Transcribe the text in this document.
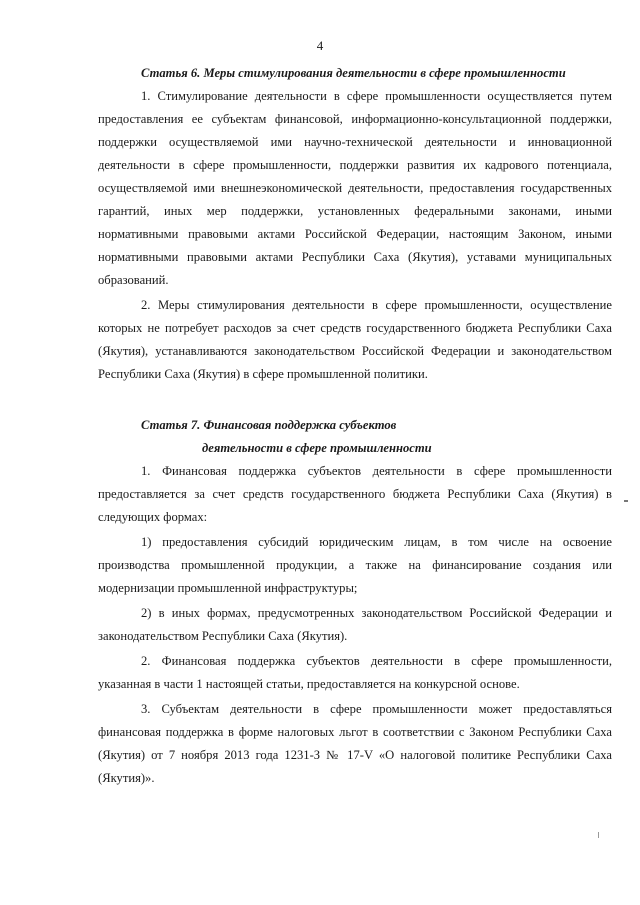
4
Статья 6. Меры стимулирования деятельности в сфере промышленности

1. Стимулирование деятельности в сфере промышленности осуществляется путем предоставления ее субъектам финансовой, информационно-консультационной поддержки, поддержки осуществляемой ими научно-технической деятельности и инновационной деятельности в сфере промышленности, поддержки развития их кадрового потенциала, осуществляемой ими внешнеэкономической деятельности, предоставления государственных гарантий, иных мер поддержки, установленных федеральными законами, иными нормативными правовыми актами Российской Федерации, настоящим Законом, иными нормативными правовыми актами Республики Саха (Якутия), уставами муниципальных образований.

2. Меры стимулирования деятельности в сфере промышленности, осуществление которых не потребует расходов за счет средств государственного бюджета Республики Саха (Якутия), устанавливаются законодательством Российской Федерации и законодательством Республики Саха (Якутия) в сфере промышленной политики.

Статья 7. Финансовая поддержка субъектов
деятельности в сфере промышленности

1. Финансовая поддержка субъектов деятельности в сфере промышленности предоставляется за счет средств государственного бюджета Республики Саха (Якутия) в следующих формах:

1) предоставления субсидий юридическим лицам, в том числе на освоение производства промышленной продукции, а также на финансирование создания или модернизации промышленной инфраструктуры;

2) в иных формах, предусмотренных законодательством Российской Федерации и законодательством Республики Саха (Якутия).

2. Финансовая поддержка субъектов деятельности в сфере промышленности, указанная в части 1 настоящей статьи, предоставляется на конкурсной основе.

3. Субъектам деятельности в сфере промышленности может предоставляться финансовая поддержка в форме налоговых льгот в соответствии с Законом Республики Саха (Якутия) от 7 ноября 2013 года 1231-З № 17-V «О налоговой политике Республики Саха (Якутия)».
